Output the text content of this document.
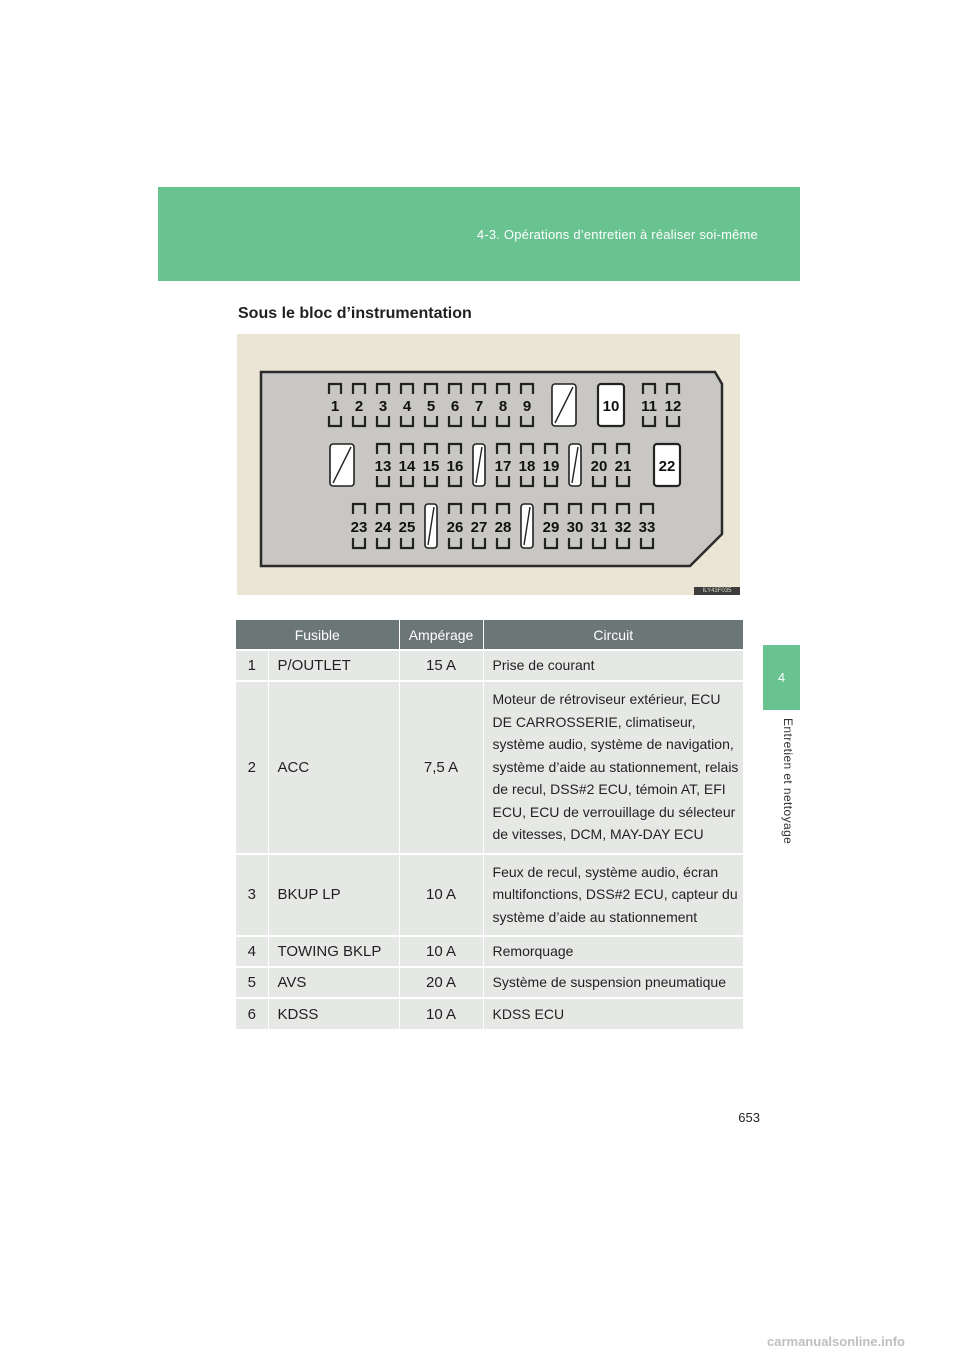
4-3. Opérations d’entretien à réaliser soi-même
4
Entretien et nettoyage
Sous le bloc d’instrumentation
1 2 3 4 5 6 7 8 9	10 11 12
13 14 15 16 17 18 19 20 21 22
23 24 25 26 27 28 29 30 31 32 33
ILY43F035
Fusible		Ampérage	Circuit
1	P/OUTLET	15 A	Prise de courant
2	ACC	7,5 A	Moteur de rétroviseur extérieur, ECU DE CARROSSERIE, climatiseur, système audio, système de navigation, système d’aide au stationnement, relais de recul, DSS#2 ECU, témoin AT, EFI ECU, ECU de verrouillage du sélecteur de vitesses, DCM, MAY-DAY ECU
3	BKUP LP	10 A	Feux de recul, système audio, écran multifonctions, DSS#2 ECU, capteur du système d’aide au stationnement
4	TOWING BKLP	10 A	Remorquage
5	AVS	20 A	Système de suspension pneumatique
6	KDSS	10 A	KDSS ECU
653
carmanualsonline.info
